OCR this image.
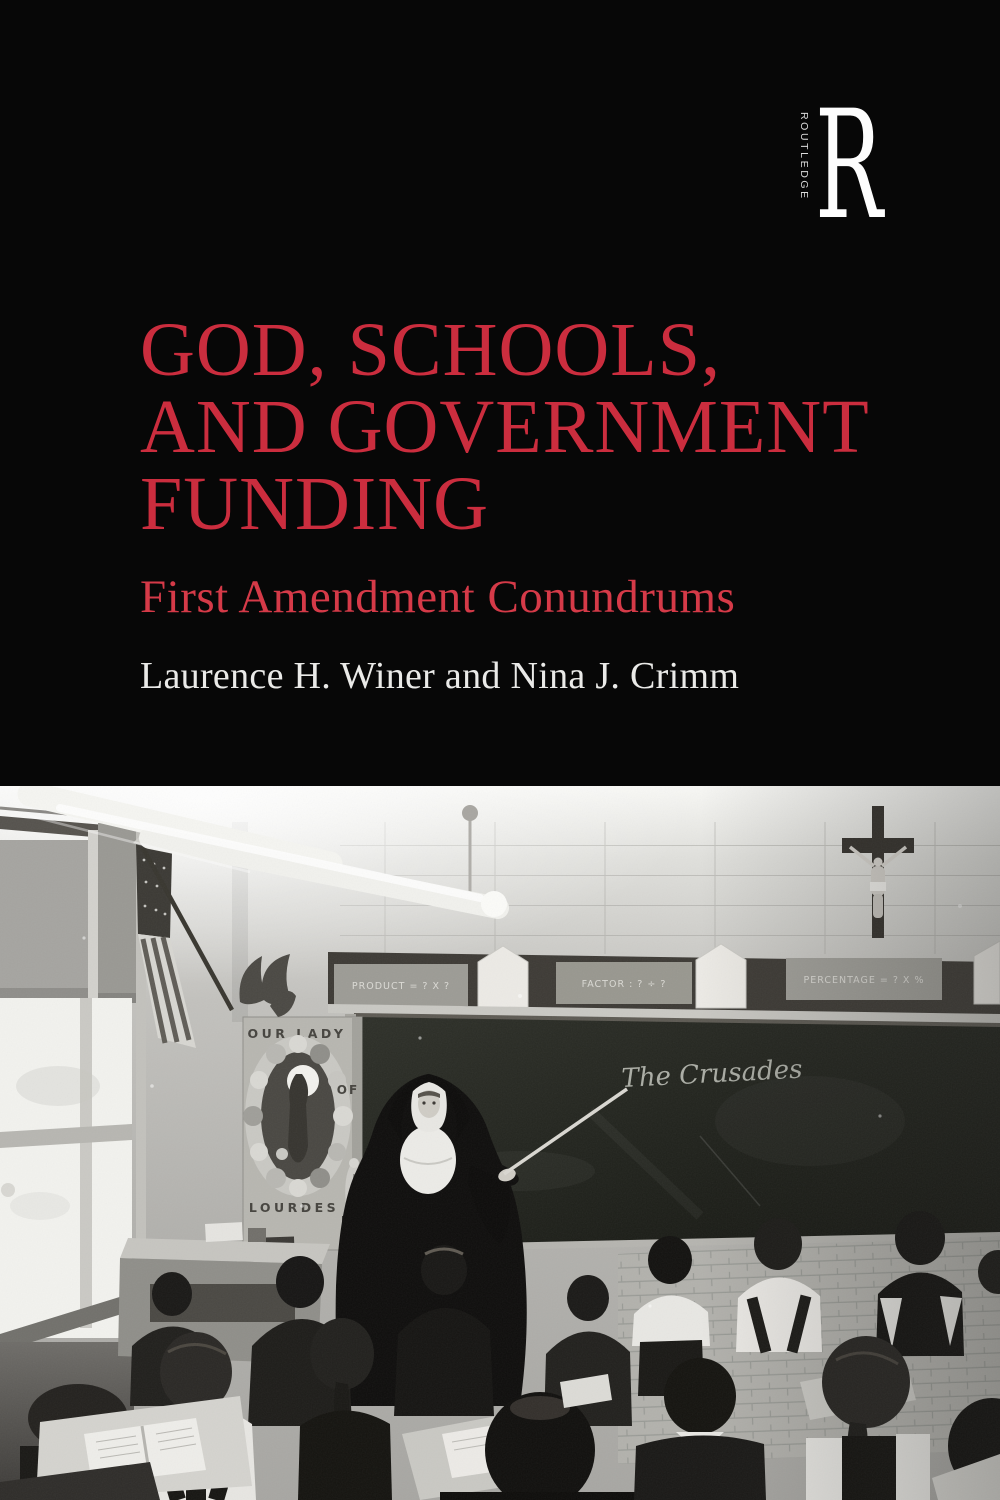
ROUTLEDGE R
GOD, SCHOOLS,
AND GOVERNMENT
FUNDING
First Amendment Conundrums
Laurence H. Winer and Nina J. Crimm
